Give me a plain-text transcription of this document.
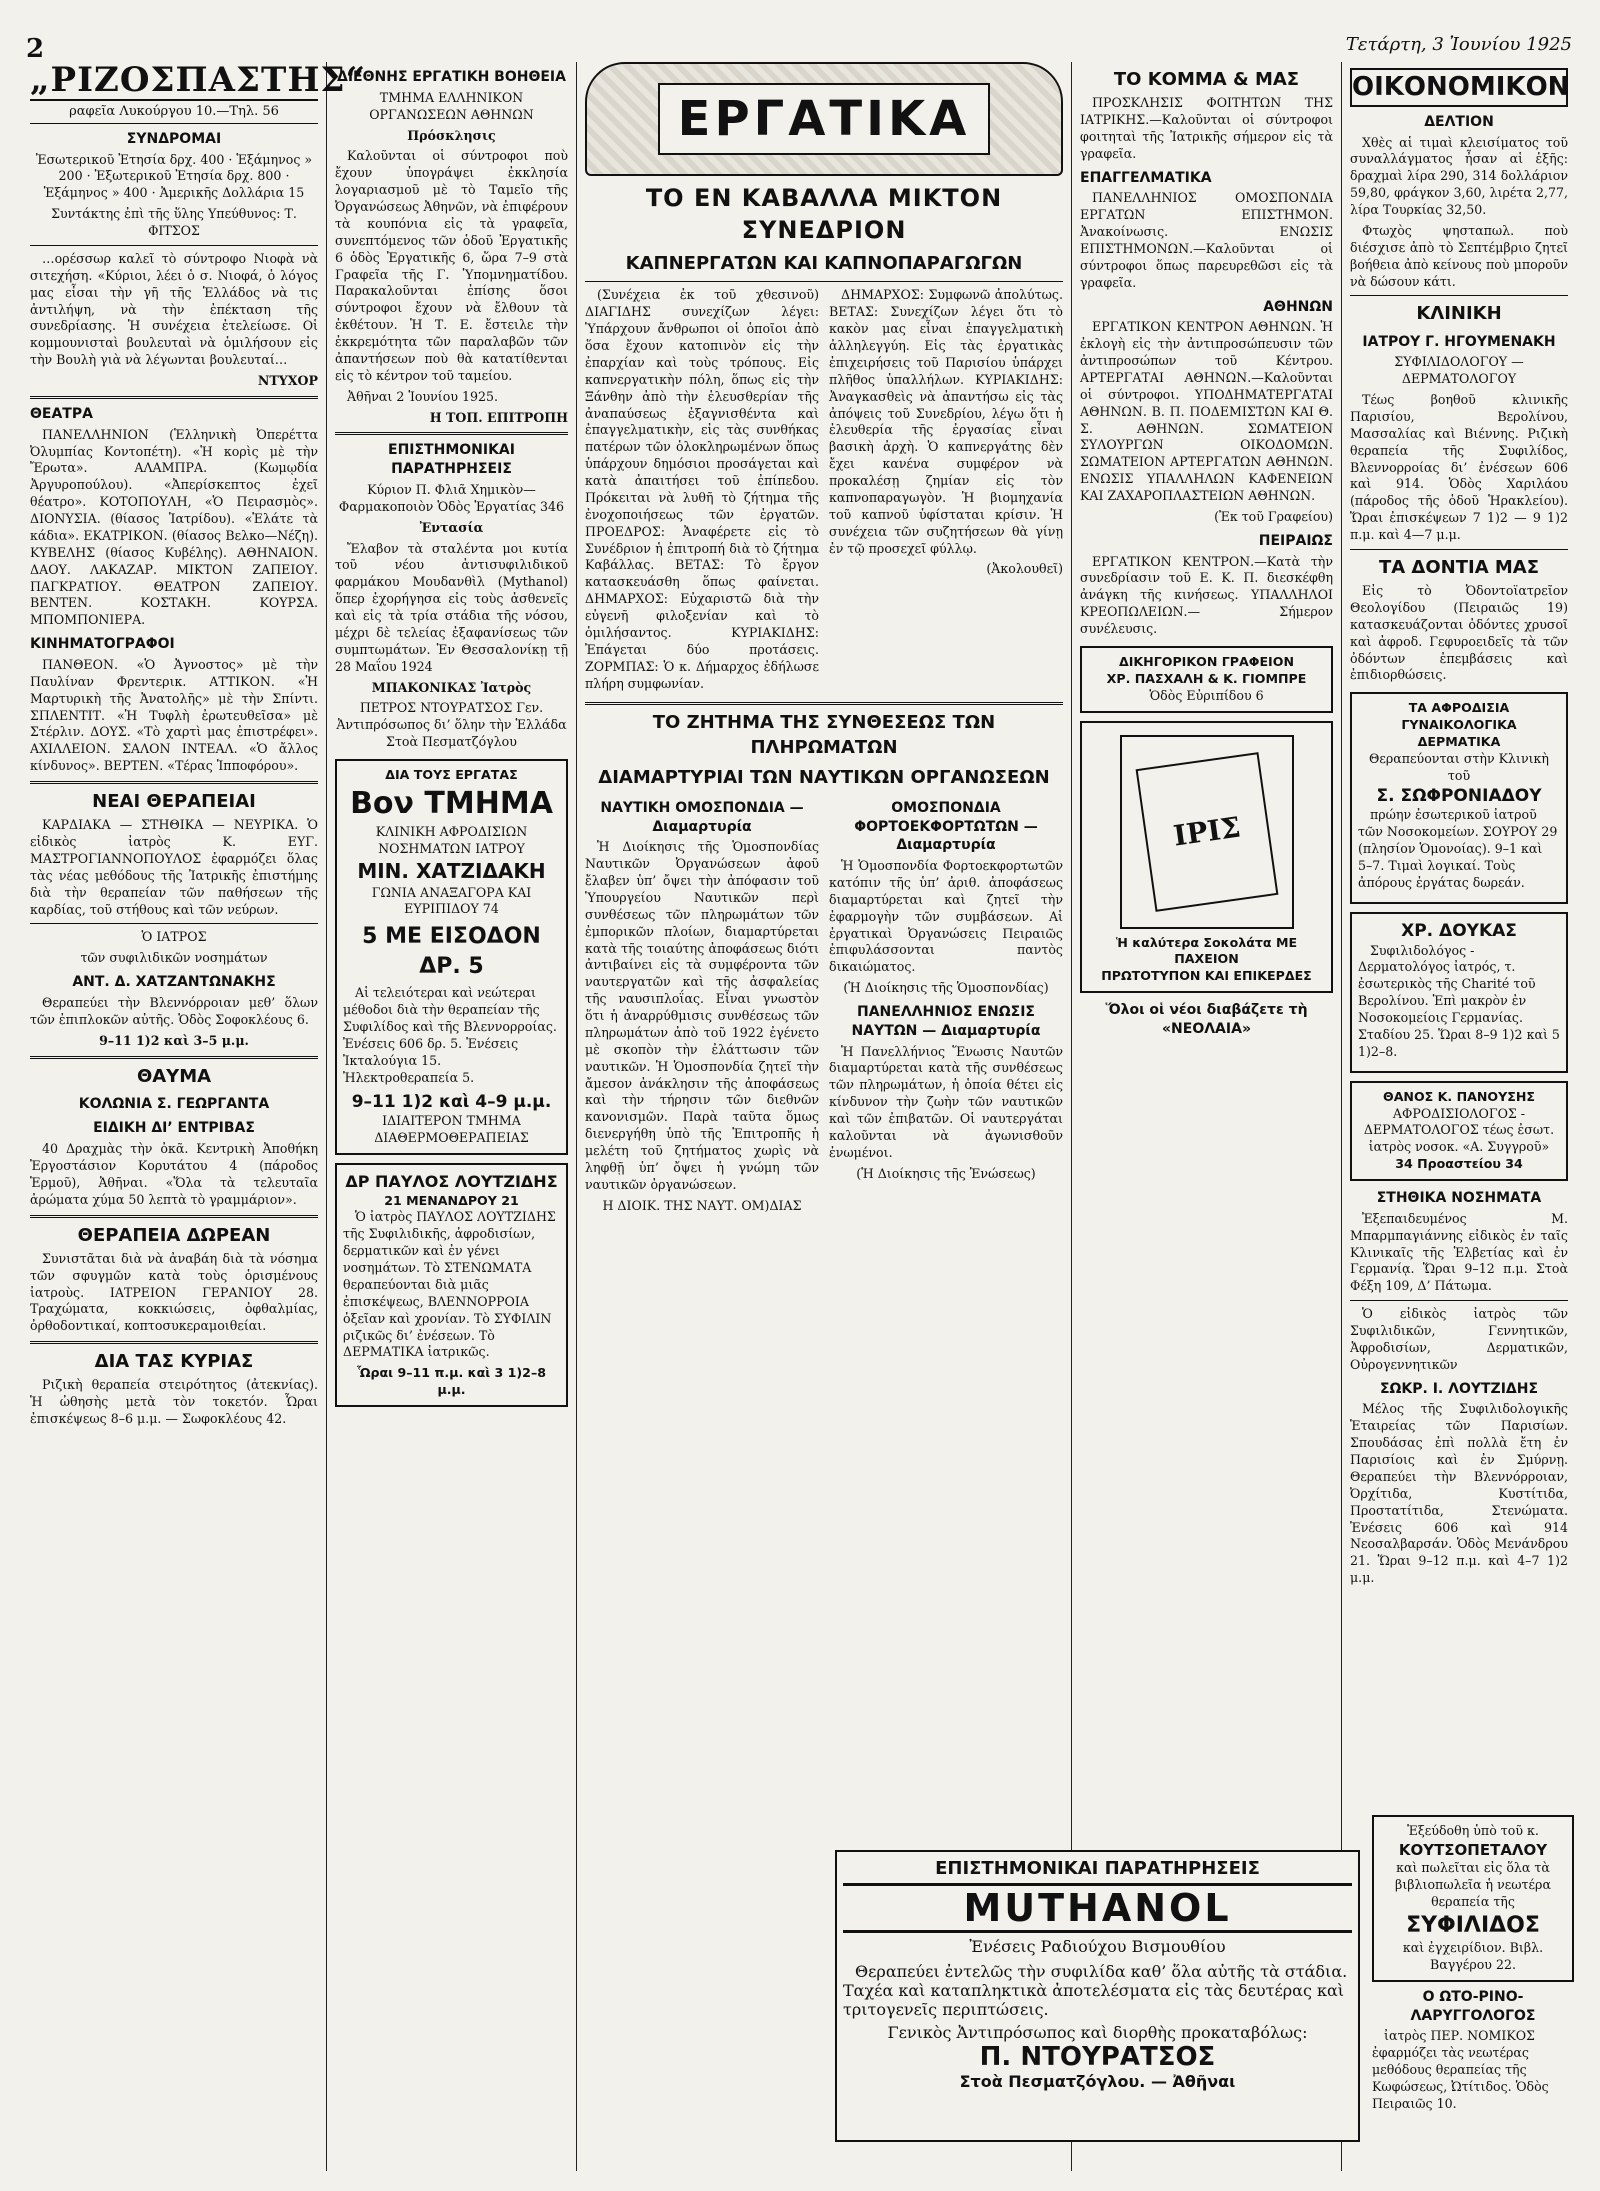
2	Τετάρτη, 3 Ἰουνίου 1925
„ΡΙΖΟΣΠΑΣΤΗΣ“
ραφεῖα Λυκούργου 10.—Τηλ. 56
ΣΥΝΔΡΟΜΑΙ

Ἐσωτερικοῦ Ἐτησία δρχ. 400 · Ἑξάμηνος » 200 · Ἐξωτερικοῦ Ἐτησία δρχ. 800 · Ἑξάμηνος » 400 · Ἀμερικῆς Δολλάρια 15

Συντάκτης ἐπὶ τῆς ὕλης Υπεύθυνος: Τ. ΦΙΤΣΟΣ

…ορέσσωρ καλεῖ τὸ σύντροφο Νιοφὰ νὰ σιτεχήση. «Κύριοι, λέει ὁ σ. Νιοφά, ὁ λόγος μας εἶσαι τὴν γῆ τῆς Ἑλλάδος νὰ τις ἀντιλήψη, νὰ τὴν ἐπέκταση τῆς συνεδρίασης. Ἡ συνέχεια ἐτελείωσε. Οἱ κομμουνισταὶ βουλευταὶ νὰ ὁμιλήσουν εἰς τὴν Βουλὴ γιὰ νὰ λέγωνται βουλευταί…

ΝΤΥΧΟΡ

ΘΕΑΤΡΑ

ΠΑΝΕΛΛΗΝΙΟΝ (Ἑλληνικὴ Ὀπερέττα Ὀλυμπίας Κοντοπέτη). «Ἡ κορὶς μὲ τὴν Ἔρωτα». ΑΛΑΜΠΡΑ. (Κωμῳδία Ἀργυροπούλου). «Ἀπερίσκεπτος ἐχεῖ θέατρο». ΚΟΤΟΠΟΥΛΗ, «Ὁ Πειρασμὸς». ΔΙΟΝΥΣΙΑ. (θίασος Ἰατρίδου). «Ἐλάτε τὰ κάδια». ΕΚΑΤΡΙΚΟΝ. (θίασος Βελκο—Νέζη). ΚΥΒΕΛΗΣ (θίασος Κυβέλης). ΑΘΗΝΑΙΟΝ. ΔΑΟΥ. ΛΑΚΑΖΑΡ. ΜΙΚΤΟΝ ΖΑΠΕΙΟΥ. ΠΑΓΚΡΑΤΙΟΥ. ΘΕΑΤΡΟΝ ΖΑΠΕΙΟΥ. ΒΕΝΤΕΝ. ΚΟΣΤΑΚΗ. ΚΟΥΡΣΑ. ΜΠΟΜΠΟΝΙΕΡΑ.

ΚΙΝΗΜΑΤΟΓΡΑΦΟΙ

ΠΑΝΘΕΟΝ. «Ὁ Ἀγνοστος» μὲ τὴν Παυλίναν Φρεντερικ. ΑΤΤΙΚΟΝ. «Ἡ Μαρτυρικὴ τῆς Ἀνατολῆς» μὲ τὴν Σπίντι. ΣΠΛΕΝΤΙΤ. «Ἡ Τυφλὴ ἐρωτευθεῖσα» μὲ Στέρλιν. ΔΟΥΣ. «Τὸ χαρτὶ μας ἐπιστρέφει». ΑΧΙΛΛΕΙΟΝ. ΣΑΛΟΝ ΙΝΤΕΑΛ. «Ὁ ἄλλος κίνδυνος». ΒΕΡΤΕΝ. «Τέρας Ἱπποφόρου».

ΝΕΑΙ ΘΕΡΑΠΕΙΑΙ

ΚΑΡΔΙΑΚΑ — ΣΤΗΘΙΚΑ — ΝΕΥΡΙΚΑ. Ὁ εἰδικὸς ἰατρὸς Κ. ΕΥΓ. ΜΑΣΤΡΟΓΙΑΝΝΟΠΟΥΛΟΣ ἐφαρμόζει ὅλας τὰς νέας μεθόδους τῆς Ἰατρικῆς ἐπιστήμης διὰ τὴν θεραπείαν τῶν παθήσεων τῆς καρδίας, τοῦ στήθους καὶ τῶν νεύρων.

Ὁ ΙΑΤΡΟΣ

τῶν συφιλιδικῶν νοσημάτων

ΑΝΤ. Δ. ΧΑΤΖΑΝΤΩΝΑΚΗΣ

Θεραπεύει τὴν Βλεννόρροιαν μεθ’ ὅλων τῶν ἐπιπλοκῶν αὐτῆς. Ὁδὸς Σοφοκλέους 6.

9–11 1)2 καὶ 3–5 μ.μ.

ΘΑΥΜΑ
ΚΟΛΩΝΙΑ Σ. ΓΕΩΡΓΑΝΤΑ
ΕΙΔΙΚΗ ΔΙ’ ΕΝΤΡΙΒΑΣ

40 Δραχμὰς τὴν ὀκᾶ. Κεντρικὴ Ἀποθήκη Ἐργοστάσιον Κορυτάτου 4 (πάροδος Ἑρμοῦ), Ἀθῆναι. «Ὅλα τὰ τελευταῖα ἀρώματα χύμα 50 λεπτὰ τὸ γραμμάριον».

ΘΕΡΑΠΕΙΑ ΔΩΡΕΑΝ

Συνιστᾶται διὰ νὰ ἀναβάη διὰ τὰ νόσημα τῶν σφυγμῶν κατὰ τοὺς ὁρισμένους ἰατροὺς. ΙΑΤΡΕΙΟΝ ΓΕΡΑΝΙΟΥ 28. Τραχώματα, κοκκιώσεις, ὀφθαλμίας, ὀρθοδοντικαί, κοπτοσυκεραμοιθείαι.

ΔΙΑ ΤΑΣ ΚΥΡΙΑΣ

Ριζικὴ θεραπεία στειρότητος (ἀτεκνίας). Ἡ ὠθησὴς μετὰ τὸν τοκετόν. Ὧραι ἐπισκέψεως 8–6 μ.μ. — Σωφοκλέους 42.

ΔΙΕΘΝΗΣ ΕΡΓΑΤΙΚΗ ΒΟΗΘΕΙΑ

ΤΜΗΜΑ ΕΛΛΗΝΙΚΟΝ ΟΡΓΑΝΩΣΕΩΝ ΑΘΗΝΩΝ

Πρόσκλησις

Καλοῦνται οἱ σύντροφοι ποὺ ἔχουν ὑπογράψει ἐκκλησία λογαριασμοῦ μὲ τὸ Ταμεῖο τῆς Ὀργανώσεως Ἀθηνῶν, νὰ ἐπιφέρουν τὰ κουπόνια εἰς τὰ γραφεῖα, συνεπτόμενος τῶν ὁδοῦ Ἐργατικῆς 6 ὁδὸς Ἐργατικῆς 6, ὥρα 7–9 στὰ Γραφεῖα τῆς Γ. Ὑπομνηματίδου. Παρακαλοῦνται ἐπίσης ὅσοι σύντροφοι ἔχουν νὰ ἔλθουν τὰ ἐκθέτουν. Ἡ Τ. Ε. ἔστειλε τὴν ἐκκρεμότητα τῶν παραλαβῶν τῶν ἀπαντήσεων ποὺ θὰ κατατίθενται εἰς τὸ κέντρον τοῦ ταμείου.

Ἀθῆναι 2 Ἰουνίου 1925.

Η ΤΟΠ. ΕΠΙΤΡΟΠΗ

ΕΠΙΣΤΗΜΟΝΙΚΑΙ ΠΑΡΑΤΗΡΗΣΕΙΣ

Κύριον Π. Φλιᾶ Χημικὸν—Φαρμακοποιὸν Ὁδὸς Ἐργατίας 346

Ἐντασία

Ἔλαβον τὰ σταλέντα μοι κυτία τοῦ νέου ἀντισυφιλιδικοῦ φαρμάκου Μουδανθὶλ (Mythanol) ὅπερ ἐχορήγησα εἰς τοὺς ἀσθενεῖς καὶ εἰς τὰ τρία στάδια τῆς νόσου, μέχρι δὲ τελείας ἐξαφανίσεως τῶν συμπτωμάτων. Ἐν Θεσσαλονίκῃ τῇ 28 Μαΐου 1924

ΜΠΑΚΟΝΙΚΑΣ Ἰατρὸς

ΠΕΤΡΟΣ ΝΤΟΥΡΑΤΣΟΣ Γεν. Ἀντιπρόσωπος δι’ ὅλην τὴν Ἑλλάδα Στοὰ Πεσματζόγλου

ΔΙΑ ΤΟΥΣ ΕΡΓΑΤΑΣ
Βον ΤΜΗΜΑ
ΚΛΙΝΙΚΗ ΑΦΡΟΔΙΣΙΩΝ ΝΟΣΗΜΑΤΩΝ ΙΑΤΡΟΥ
ΜΙΝ. ΧΑΤΖΙΔΑΚΗ
ΓΩΝΙΑ ΑΝΑΞΑΓΟΡΑ ΚΑΙ ΕΥΡΙΠΙΔΟΥ 74
5 ΜΕ ΕΙΣΟΔΟΝ ΔΡ. 5

Αἱ τελειότεραι καὶ νεώτεραι μέθοδοι διὰ τὴν θεραπείαν τῆς Συφιλίδος καὶ τῆς Βλεννορροίας. Ἐνέσεις 606 δρ. 5. Ἐνέσεις Ἰκταλούγια 15. Ἠλεκτροθεραπεία 5.

9–11 1)2 καὶ 4–9 μ.μ.
ΙΔΙΑΙΤΕΡΟΝ ΤΜΗΜΑ ΔΙΑΘΕΡΜΟΘΕΡΑΠΕΙΑΣ
ΔΡ ΠΑΥΛΟΣ ΛΟΥΤΖΙΔΗΣ
21 ΜΕΝΑΝΔΡΟΥ 21

Ὁ ἰατρὸς ΠΑΥΛΟΣ ΛΟΥΤΖΙΔΗΣ τῆς Συφιλιδικῆς, ἀφροδισίων, δερματικῶν καὶ ἐν γένει νοσημάτων. Τὸ ΣΤΕΝΩΜΑΤΑ θεραπεύονται διὰ μιᾶς ἐπισκέψεως, ΒΛΕΝΝΟΡΡΟΙΑ ὁξεῖαν καὶ χρονίαν. Τὸ ΣΥΦΙΛΙΝ ριζικῶς δι’ ἐνέσεων. Τὸ ΔΕΡΜΑΤΙΚΑ ἰατρικῶς.

Ὧραι 9–11 π.μ. καὶ 3 1)2–8 μ.μ.
ΕΡΓΑΤΙΚΑ
ΤΟ ΕΝ ΚΑΒΑΛΛΑ ΜΙΚΤΟΝ ΣΥΝΕΔΡΙΟΝ
ΚΑΠΝΕΡΓΑΤΩΝ ΚΑΙ ΚΑΠΝΟΠΑΡΑΓΩΓΩΝ

(Συνέχεια ἐκ τοῦ χθεσινοῦ) ΔΙΑΓΙΔΗΣ συνεχίζων λέγει: Ὑπάρχουν ἄνθρωποι οἱ ὁποῖοι ἀπὸ ὅσα ἔχουν κατοπινὸν εἰς τὴν ἐπαρχίαν καὶ τοὺς τρόπους. Εἰς καπνεργατικὴν πόλη, ὅπως εἰς τὴν Ξάνθην ἀπὸ τὴν ἐλευσθερίαν τῆς ἀναπαύσεως ἐξαγνισθέντα καὶ ἐπαγγελματικὴν, εἰς τὰς συνθήκας πατέρων τῶν ὁλοκληρωμένων ὅπως ὑπάρχουν δημόσιοι προσάγεται καὶ κατὰ ἀπαιτήσει τοῦ ἐπίπεδου. Πρόκειται νὰ λυθῆ τὸ ζήτημα τῆς ἐνοχοποιήσεως τῶν ἐργατῶν. ΠΡΟΕΔΡΟΣ: Ἀναφέρετε εἰς τὸ Συνέδριον ἡ ἐπιτροπή διὰ τὸ ζήτημα Καβάλλας. ΒΕΤΑΣ: Τὸ ἔργον κατασκευάσθη ὅπως φαίνεται. ΔΗΜΑΡΧΟΣ: Εὐχαριστῶ διὰ τὴν εὐγενῆ φιλοξενίαν καὶ τὸ ὁμιλήσαντος. ΚΥΡΙΑΚΙΔΗΣ: Ἐπάγεται δύο προτάσεις. ΖΟΡΜΠΑΣ: Ὁ κ. Δήμαρχος ἐδήλωσε πλήρη συμφωνίαν.

ΔΗΜΑΡΧΟΣ: Συμφωνῶ ἀπολύτως. ΒΕΤΑΣ: Συνεχίζων λέγει ὅτι τὸ κακὸν μας εἶναι ἐπαγγελματικὴ ἀλληλεγγύη. Εἰς τὰς ἐργατικὰς ἐπιχειρήσεις τοῦ Παρισίου ὑπάρχει πλῆθος ὑπαλλήλων. ΚΥΡΙΑΚΙΔΗΣ: Ἀναγκασθεὶς νὰ ἀπαντήσω εἰς τὰς ἀπόψεις τοῦ Συνεδρίου, λέγω ὅτι ἡ ἐλευθερία τῆς ἐργασίας εἶναι βασικὴ ἀρχὴ. Ὁ καπνεργάτης δὲν ἔχει κανένα συμφέρον νὰ προκαλέσῃ ζημίαν εἰς τὸν καπνοπαραγωγὸν. Ἡ βιομηχανία τοῦ καπνοῦ ὑφίσταται κρίσιν. Ἡ συνέχεια τῶν συζητήσεων θὰ γίνῃ ἐν τῷ προσεχεῖ φύλλῳ.

(Ἀκολουθεῖ)

ΤΟ ΖΗΤΗΜΑ ΤΗΣ ΣΥΝΘΕΣΕΩΣ ΤΩΝ ΠΛΗΡΩΜΑΤΩΝ
ΔΙΑΜΑΡΤΥΡΙΑΙ ΤΩΝ ΝΑΥΤΙΚΩΝ ΟΡΓΑΝΩΣΕΩΝ
ΝΑΥΤΙΚΗ ΟΜΟΣΠΟΝΔΙΑ — Διαμαρτυρία

Ἡ Διοίκησις τῆς Ὁμοσπονδίας Ναυτικῶν Ὀργανώσεων ἀφοῦ ἔλαβεν ὑπ’ ὄψει τὴν ἀπόφασιν τοῦ Ὑπουργείου Ναυτικῶν περὶ συνθέσεως τῶν πληρωμάτων τῶν ἐμπορικῶν πλοίων, διαμαρτύρεται κατὰ τῆς τοιαύτης ἀποφάσεως διότι ἀντιβαίνει εἰς τὰ συμφέροντα τῶν ναυτεργατῶν καὶ τῆς ἀσφαλείας τῆς ναυσιπλοΐας. Εἶναι γνωστὸν ὅτι ἡ ἀναρρύθμισις συνθέσεως τῶν πληρωμάτων ἀπὸ τοῦ 1922 ἐγένετο μὲ σκοπὸν τὴν ἐλάττωσιν τῶν ναυτικῶν. Ἡ Ὁμοσπονδία ζητεῖ τὴν ἄμεσον ἀνάκλησιν τῆς ἀποφάσεως καὶ τὴν τήρησιν τῶν διεθνῶν κανονισμῶν. Παρὰ ταῦτα ὅμως διενεργήθη ὑπὸ τῆς Ἐπιτροπῆς ἡ μελέτη τοῦ ζητήματος χωρὶς νὰ ληφθῇ ὑπ’ ὄψει ἡ γνώμη τῶν ναυτικῶν ὀργανώσεων.

Η ΔΙΟΙΚ. ΤΗΣ ΝΑΥΤ. ΟΜ)ΔΙΑΣ

ΟΜΟΣΠΟΝΔΙΑ ΦΟΡΤΟΕΚΦΟΡΤΩΤΩΝ — Διαμαρτυρία

Ἡ Ὁμοσπονδία Φορτοεκφορτωτῶν κατόπιν τῆς ὑπ’ ἀριθ. ἀποφάσεως διαμαρτύρεται καὶ ζητεῖ τὴν ἐφαρμογὴν τῶν συμβάσεων. Αἱ ἐργατικαὶ Ὀργανώσεις Πειραιῶς ἐπιφυλάσσονται παντὸς δικαιώματος.

(Ἡ Διοίκησις τῆς Ὁμοσπονδίας)

ΠΑΝΕΛΛΗΝΙΟΣ ΕΝΩΣΙΣ ΝΑΥΤΩΝ — Διαμαρτυρία

Ἡ Πανελλήνιος Ἕνωσις Ναυτῶν διαμαρτύρεται κατὰ τῆς συνθέσεως τῶν πληρωμάτων, ἡ ὁποία θέτει εἰς κίνδυνον τὴν ζωὴν τῶν ναυτικῶν καὶ τῶν ἐπιβατῶν. Οἱ ναυτεργάται καλοῦνται νὰ ἀγωνισθοῦν ἐνωμένοι.

(Ἡ Διοίκησις τῆς Ἑνώσεως)

ΤΟ ΚΟΜΜΑ & ΜΑΣ

ΠΡΟΣΚΛΗΣΙΣ ΦΟΙΤΗΤΩΝ ΤΗΣ ΙΑΤΡΙΚΗΣ.—Καλοῦνται οἱ σύντροφοι φοιτηταὶ τῆς Ἰατρικῆς σήμερον εἰς τὰ γραφεῖα.

ΕΠΑΓΓΕΛΜΑΤΙΚΑ

ΠΑΝΕΛΛΗΝΙΟΣ ΟΜΟΣΠΟΝΔΙΑ ΕΡΓΑΤΩΝ ΕΠΙΣΤΗΜΟΝ. Ἀνακοίνωσις. ΕΝΩΣΙΣ ΕΠΙΣΤΗΜΟΝΩΝ.—Καλοῦνται οἱ σύντροφοι ὅπως παρευρεθῶσι εἰς τὰ γραφεῖα.

ΑΘΗΝΩΝ

ΕΡΓΑΤΙΚΟΝ ΚΕΝΤΡΟΝ ΑΘΗΝΩΝ. Ἡ ἐκλογὴ εἰς τὴν ἀντιπροσώπευσιν τῶν ἀντιπροσώπων τοῦ Κέντρου. ΑΡΤΕΡΓΑΤΑΙ ΑΘΗΝΩΝ.—Καλοῦνται οἱ σύντροφοι. ΥΠΟΔΗΜΑΤΕΡΓΑΤΑΙ ΑΘΗΝΩΝ. Β. Π. ΠΟΔΕΜΙΣΤΩΝ ΚΑΙ Θ. Σ. ΑΘΗΝΩΝ. ΣΩΜΑΤΕΙΟΝ ΣΥΛΟΥΡΓΩΝ ΟΙΚΟΔΟΜΩΝ. ΣΩΜΑΤΕΙΟΝ ΑΡΤΕΡΓΑΤΩΝ ΑΘΗΝΩΝ. ΕΝΩΣΙΣ ΥΠΑΛΛΗΛΩΝ ΚΑΦΕΝΕΙΩΝ ΚΑΙ ΖΑΧΑΡΟΠΛΑΣΤΕΙΩΝ ΑΘΗΝΩΝ.

(Ἐκ τοῦ Γραφείου)

ΠΕΙΡΑΙΩΣ

ΕΡΓΑΤΙΚΟΝ ΚΕΝΤΡΟΝ.—Κατὰ τὴν συνεδρίασιν τοῦ Ε. Κ. Π. διεσκέφθη ἀνάγκη τῆς κινήσεως. ΥΠΑΛΛΗΛΟΙ ΚΡΕΟΠΩΛΕΙΩΝ.— Σήμερον συνέλευσις.

ΔΙΚΗΓΟΡΙΚΟΝ ΓΡΑΦΕΙΟΝ
ΧΡ. ΠΑΣΧΑΛΗ & Κ. ΓΙΟΜΠΡΕ
Ὁδὸς Εὐριπίδου 6
ΙΡΙΣ
Ἡ καλύτερα Σοκολάτα ΜΕ ΠΑΧΕΙΟΝ
ΠΡΩΤΟΤΥΠΟΝ ΚΑΙ ΕΠΙΚΕΡΔΕΣ
Ὅλοι οἱ νέοι διαβάζετε τὴ «ΝΕΟΛΑΙΑ»
ΟΙΚΟΝΟΜΙΚΟΝ
ΔΕΛΤΙΟΝ

Χθὲς αἱ τιμαὶ κλεισίματος τοῦ συναλλάγματος ἦσαν αἱ ἑξῆς: δραχμαὶ λίρα 290, 314 δολλάριον 59,80, φράγκον 3,60, λιρέτα 2,77, λίρα Τουρκίας 32,50.

Φτωχὸς ψησταπωλ. ποὺ διέσχισε ἀπὸ τὸ Σεπτέμβριο ζητεῖ βοήθεια ἀπὸ κείνους ποὺ μποροῦν νὰ δώσουν κάτι.

ΚΛΙΝΙΚΗ
ΙΑΤΡΟΥ Γ. ΗΓΟΥΜΕΝΑΚΗ

ΣΥΦΙΛΙΔΟΛΟΓΟΥ — ΔΕΡΜΑΤΟΛΟΓΟΥ

Τέως βοηθοῦ κλινικῆς Παρισίου, Βερολίνου, Μασσαλίας καὶ Βιέννης. Ριζικὴ θεραπεία τῆς Συφιλίδος, Βλεννορροίας δι’ ἐνέσεων 606 καὶ 914. Ὁδὸς Χαριλάου (πάροδος τῆς ὁδοῦ Ἡρακλείου). Ὥραι ἐπισκέψεων 7 1)2 — 9 1)2 π.μ. καὶ 4—7 μ.μ.

ΤΑ ΔΟΝΤΙΑ ΜΑΣ

Εἰς τὸ Ὀδοντοϊατρεῖον Θεολογίδου (Πειραιῶς 19) κατασκευάζονται ὀδόντες χρυσοῖ καὶ ἀφροδ. Γεφυροειδεῖς τὰ τῶν ὀδόντων ἐπεμβάσεις καὶ ἐπιδιορθώσεις.

ΤΑ ΑΦΡΟΔΙΣΙΑ ΓΥΝΑΙΚΟΛΟΓΙΚΑ ΔΕΡΜΑΤΙΚΑ
Θεραπεύονται στὴν Κλινικὴ τοῦ
Σ. ΣΩΦΡΟΝΙΑΔΟΥ

πρώην ἐσωτερικοῦ ἰατροῦ τῶν Νοσοκομείων. ΣΟΥΡΟΥ 29 (πλησίον Ὁμονοίας). 9–1 καὶ 5–7. Τιμαὶ λογικαί. Τοὺς ἀπόρους ἐργάτας δωρεάν.

ΧΡ. ΔΟΥΚΑΣ

Συφιλιδολόγος - Δερματολόγος ἰατρός, τ. ἐσωτερικὸς τῆς Charité τοῦ Βερολίνου. Ἐπὶ μακρὸν ἐν Νοσοκομείοις Γερμανίας. Σταδίου 25. Ὥραι 8–9 1)2 καὶ 5 1)2–8.

ΘΑΝΟΣ Κ. ΠΑΝΟΥΣΗΣ
ΑΦΡΟΔΙΣΙΟΛΟΓΟΣ - ΔΕΡΜΑΤΟΛΟΓΟΣ τέως ἐσωτ. ἰατρὸς νοσοκ. «Α. Συγγροῦ»
34 Προαστείου 34
ΣΤΗΘΙΚΑ ΝΟΣΗΜΑΤΑ

Ἐξεπαιδευμένος Μ. Μπαρμπαγιάννης εἰδικὸς ἐν ταῖς Κλινικαῖς τῆς Ἑλβετίας καὶ ἐν Γερμανίᾳ. Ὥραι 9–12 π.μ. Στοὰ Φέξη 109, Δ’ Πάτωμα.

Ὁ εἰδικὸς ἰατρὸς τῶν Συφιλιδικῶν, Γεννητικῶν, Ἀφροδισίων, Δερματικῶν, Οὐρογεννητικῶν

ΣΩΚΡ. Ι. ΛΟΥΤΖΙΔΗΣ

Μέλος τῆς Συφιλιδολογικῆς Ἑταιρείας τῶν Παρισίων. Σπουδάσας ἐπὶ πολλὰ ἔτη ἐν Παρισίοις καὶ ἐν Σμύρνῃ. Θεραπεύει τὴν Βλεννόρροιαν, Ὀρχίτιδα, Κυστίτιδα, Προστατίτιδα, Στενώματα. Ἐνέσεις 606 καὶ 914 Νεοσαλβαρσάν. Ὁδὸς Μενάνδρου 21. Ὥραι 9–12 π.μ. καὶ 4–7 1)2 μ.μ.

ΕΠΙΣΤΗΜΟΝΙΚΑΙ ΠΑΡΑΤΗΡΗΣΕΙΣ
MUTHANOL
Ἐνέσεις Ραδιούχου Βισμουθίου

Θεραπεύει ἐντελῶς τὴν συφιλίδα καθ’ ὅλα αὐτῆς τὰ στάδια. Ταχέα καὶ καταπληκτικὰ ἀποτελέσματα εἰς τὰς δευτέρας καὶ τριτογενεῖς περιπτώσεις.

Γενικὸς Ἀντιπρόσωπος καὶ διορθὴς προκαταβόλως:
Π. ΝΤΟΥΡΑΤΣΟΣ
Στοὰ Πεσματζόγλου. — Ἀθῆναι
Ἐξεύδοθη ὑπὸ τοῦ κ.
ΚΟΥΤΣΟΠΕΤΑΛΟΥ
καὶ πωλεῖται εἰς ὅλα τὰ βιβλιοπωλεῖα ἡ νεωτέρα θεραπεία τῆς
ΣΥΦΙΛΙΔΟΣ
καὶ ἐγχειρίδιον. Βιβλ. Βαγγέρου 22.
Ο ΩΤΟ-ΡΙΝΟ-ΛΑΡΥΓΓΟΛΟΓΟΣ

ἰατρὸς ΠΕΡ. ΝΟΜΙΚΟΣ ἐφαρμόζει τὰς νεωτέρας μεθόδους θεραπείας τῆς Κωφώσεως, Ὠτίτιδος. Ὁδὸς Πειραιῶς 10.
